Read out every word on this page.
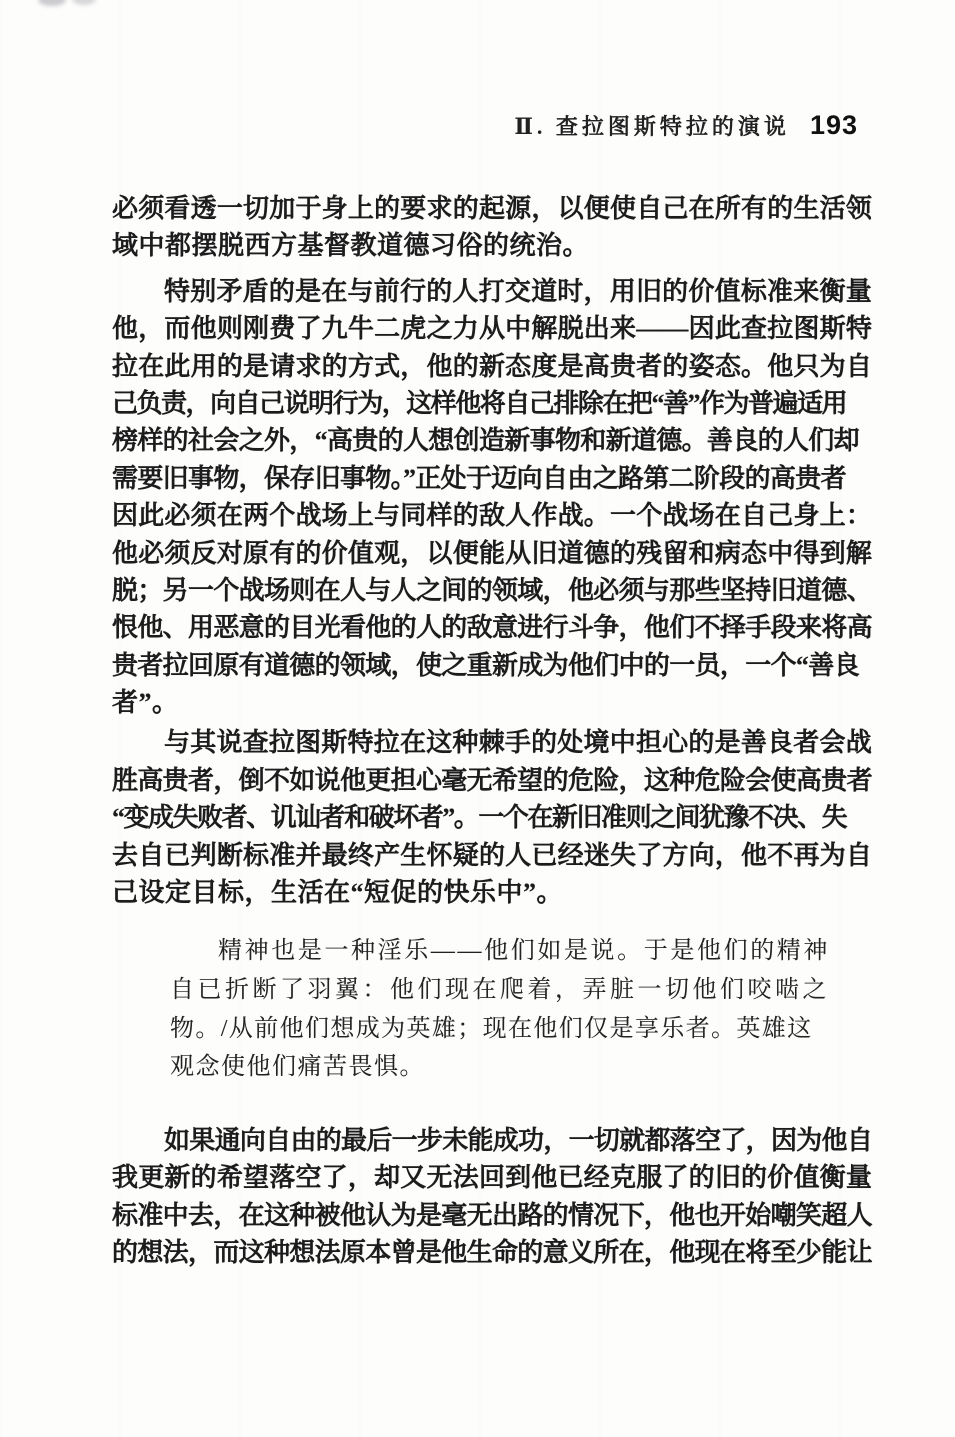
Ⅱ. 查拉图斯特拉的演说 193
必须看透一切加于身上的要求的起源，以便使自己在所有的生活领
域中都摆脱西方基督教道德习俗的统治。
特别矛盾的是在与前行的人打交道时，用旧的价值标准来衡量
他，而他则刚费了九牛二虎之力从中解脱出来——因此查拉图斯特
拉在此用的是请求的方式，他的新态度是高贵者的姿态。他只为自
己负责，向自己说明行为，这样他将自己排除在把“善”作为普遍适用
榜样的社会之外，“高贵的人想创造新事物和新道德。善良的人们却
需要旧事物，保存旧事物。”正处于迈向自由之路第二阶段的高贵者
因此必须在两个战场上与同样的敌人作战。一个战场在自己身上：
他必须反对原有的价值观，以便能从旧道德的残留和病态中得到解
脱；另一个战场则在人与人之间的领域，他必须与那些坚持旧道德、
恨他、用恶意的目光看他的人的敌意进行斗争，他们不择手段来将高
贵者拉回原有道德的领域，使之重新成为他们中的一员，一个“善良
者”。
与其说查拉图斯特拉在这种棘手的处境中担心的是善良者会战
胜高贵者，倒不如说他更担心毫无希望的危险，这种危险会使高贵者
“变成失败者、讥讪者和破坏者”。一个在新旧准则之间犹豫不决、失
去自已判断标准并最终产生怀疑的人已经迷失了方向，他不再为自
己设定目标，生活在“短促的快乐中”。
精神也是一种淫乐——他们如是说。于是他们的精神
自已折断了羽翼：他们现在爬着，弄脏一切他们咬啮之
物。/从前他们想成为英雄；现在他们仅是享乐者。英雄这
观念使他们痛苦畏惧。
如果通向自由的最后一步未能成功，一切就都落空了，因为他自
我更新的希望落空了，却又无法回到他已经克服了的旧的价值衡量
标准中去，在这种被他认为是毫无出路的情况下，他也开始嘲笑超人
的想法，而这种想法原本曾是他生命的意义所在，他现在将至少能让
